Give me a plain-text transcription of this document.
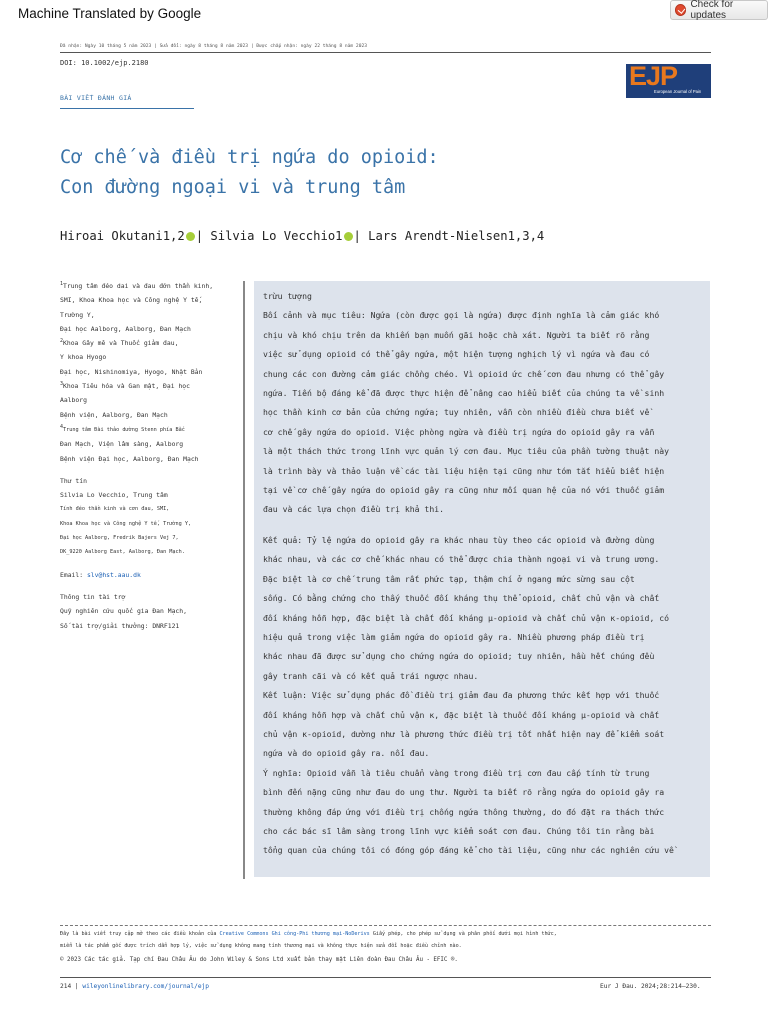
Machine Translated by Google
Check for updates
Đã nhận: Ngày 10 tháng 5 năm 2023 | Sửa đổi: ngày 8 tháng 8 năm 2023 | Được chấp nhận: ngày 22 tháng 8 năm 2023
DOI: 10.1002/ejp.2180	EJP
European Journal of Pain
BÀI VIẾT ĐÁNH GIÁ
Cơ chế và điều trị ngứa do opioid:
Con đường ngoại vi và trung tâm
Hiroai Okutani1,2 | Silvia Lo Vecchio1 | Lars Arendt-Nielsen1,3,4
$^1$Trung tâm đéo dai và đau đớn thần kinh,
SMI, Khoa Khoa học và Công nghệ Y tế,
Trường Y,
Đại học Aalborg, Aalborg, Đan Mạch
$^2$Khoa Gây mê và Thuốc giảm đau,
Y khoa Hyogo
Đại học, Nishinomiya, Hyogo, Nhật Bản
$^3$Khoa Tiêu hóa và Gan mật, Đại học
Aalborg
Bệnh viện, Aalborg, Đan Mạch
$^4$Trung tâm Đài thảo dường Stenn phía Bắc
Đan Mạch, Viện lâm sàng, Aalborg
Bệnh viện Đại học, Aalborg, Đan Mạch
Thư tín
Silvia Lo Vecchio, Trung tâm
Tính đéo thần kinh và cơn đau, SMI,
Khoa Khoa học và Công nghệ Y tế, Trường Y,
Đại học Aalborg, Fredrik Bajers Vej 7,
DK_9220 Aalborg East, Aalborg, Đan Mạch.
Email: slv@hst.aau.dk
Thông tin tài trợ
Quỹ nghiên cứu quốc gia Đan Mạch,
Số tài trợ/giải thưởng: DNRF121
trừu tượng
Bối cảnh và mục tiêu: Ngứa (còn được gọi là ngứa) được định nghĩa là cảm giác khó
chịu và khó chịu trên da khiến bạn muốn gãi hoặc chà xát. Người ta biết rõ rằng
việc sử dụng opioid có thể gây ngứa, một hiện tượng nghịch lý vì ngứa và đau có
chung các con đường cảm giác chồng chéo. Vì opioid ức chế cơn đau nhưng có thể gây
ngứa. Tiến bộ đáng kể đã được thực hiện để nâng cao hiểu biết của chúng ta về sinh
học thần kinh cơ bản của chứng ngứa; tuy nhiên, vẫn còn nhiều điều chưa biết về
cơ chế gây ngứa do opioid. Việc phòng ngừa và điều trị ngứa do opioid gây ra vẫn
là một thách thức trong lĩnh vực quản lý cơn đau. Mục tiêu của phần tường thuật này
là trình bày và thảo luận về các tài liệu hiện tại cũng như tóm tắt hiểu biết hiện
tại về cơ chế gây ngứa do opioid gây ra cũng như mối quan hệ của nó với thuốc giảm
đau và các lựa chọn điều trị khả thi.
Kết quả: Tỷ lệ ngứa do opioid gây ra khác nhau tùy theo các opioid và đường dùng
khác nhau, và các cơ chế khác nhau có thể được chia thành ngoại vi và trung ương.
Đặc biệt là cơ chế trung tâm rất phức tạp, thậm chí ở ngang mức sừng sau cột
sống. Có bằng chứng cho thấy thuốc đối kháng thụ thể opioid, chất chủ vận và chất
đối kháng hỗn hợp, đặc biệt là chất đối kháng μ-opioid và chất chủ vận κ-opioid, có
hiệu quả trong việc làm giảm ngứa do opioid gây ra. Nhiều phương pháp điều trị
khác nhau đã được sử dụng cho chứng ngứa do opioid; tuy nhiên, hầu hết chúng đều
gây tranh cãi và có kết quả trái ngược nhau.
Kết luận: Việc sử dụng phác đồ điều trị giảm đau đa phương thức kết hợp với thuốc
đối kháng hỗn hợp và chất chủ vận κ, đặc biệt là thuốc đối kháng μ-opioid và chất
chủ vận κ-opioid, dường như là phương thức điều trị tốt nhất hiện nay để kiểm soát
ngứa và do opioid gây ra. nổi đau.
Ý nghĩa: Opioid vẫn là tiêu chuẩn vàng trong điều trị cơn đau cấp tính từ trung
bình đến nặng cũng như đau do ung thư. Người ta biết rõ rằng ngứa do opioid gây ra
thường không đáp ứng với điều trị chống ngứa thông thường, do đó đặt ra thách thức
cho các bác sĩ lâm sàng trong lĩnh vực kiểm soát cơn đau. Chúng tôi tin rằng bài
tổng quan của chúng tôi có đóng góp đáng kể cho tài liệu, cũng như các nghiên cứu về
Đây là bài viết truy cập mở theo các điều khoản của Creative Commons Ghi công-Phi thương mại-NoDerivs Giấy phép, cho phép sử dụng và phân phối dưới mọi hình thức,
miễn là tác phẩm gốc được trích dẫn hợp lý, việc sử dụng không mang tính thương mại và không thực hiện sửa đổi hoặc điều chỉnh nào.
© 2023 Các tác giả. Tạp chí Đau Châu Âu do John Wiley & Sons Ltd xuất bản thay mặt Liên đoàn Đau Châu Âu - EFIC ®.
214 | wileyonlinelibrary.com/journal/ejp	Eur J Đau. 2024;28:214–230.
